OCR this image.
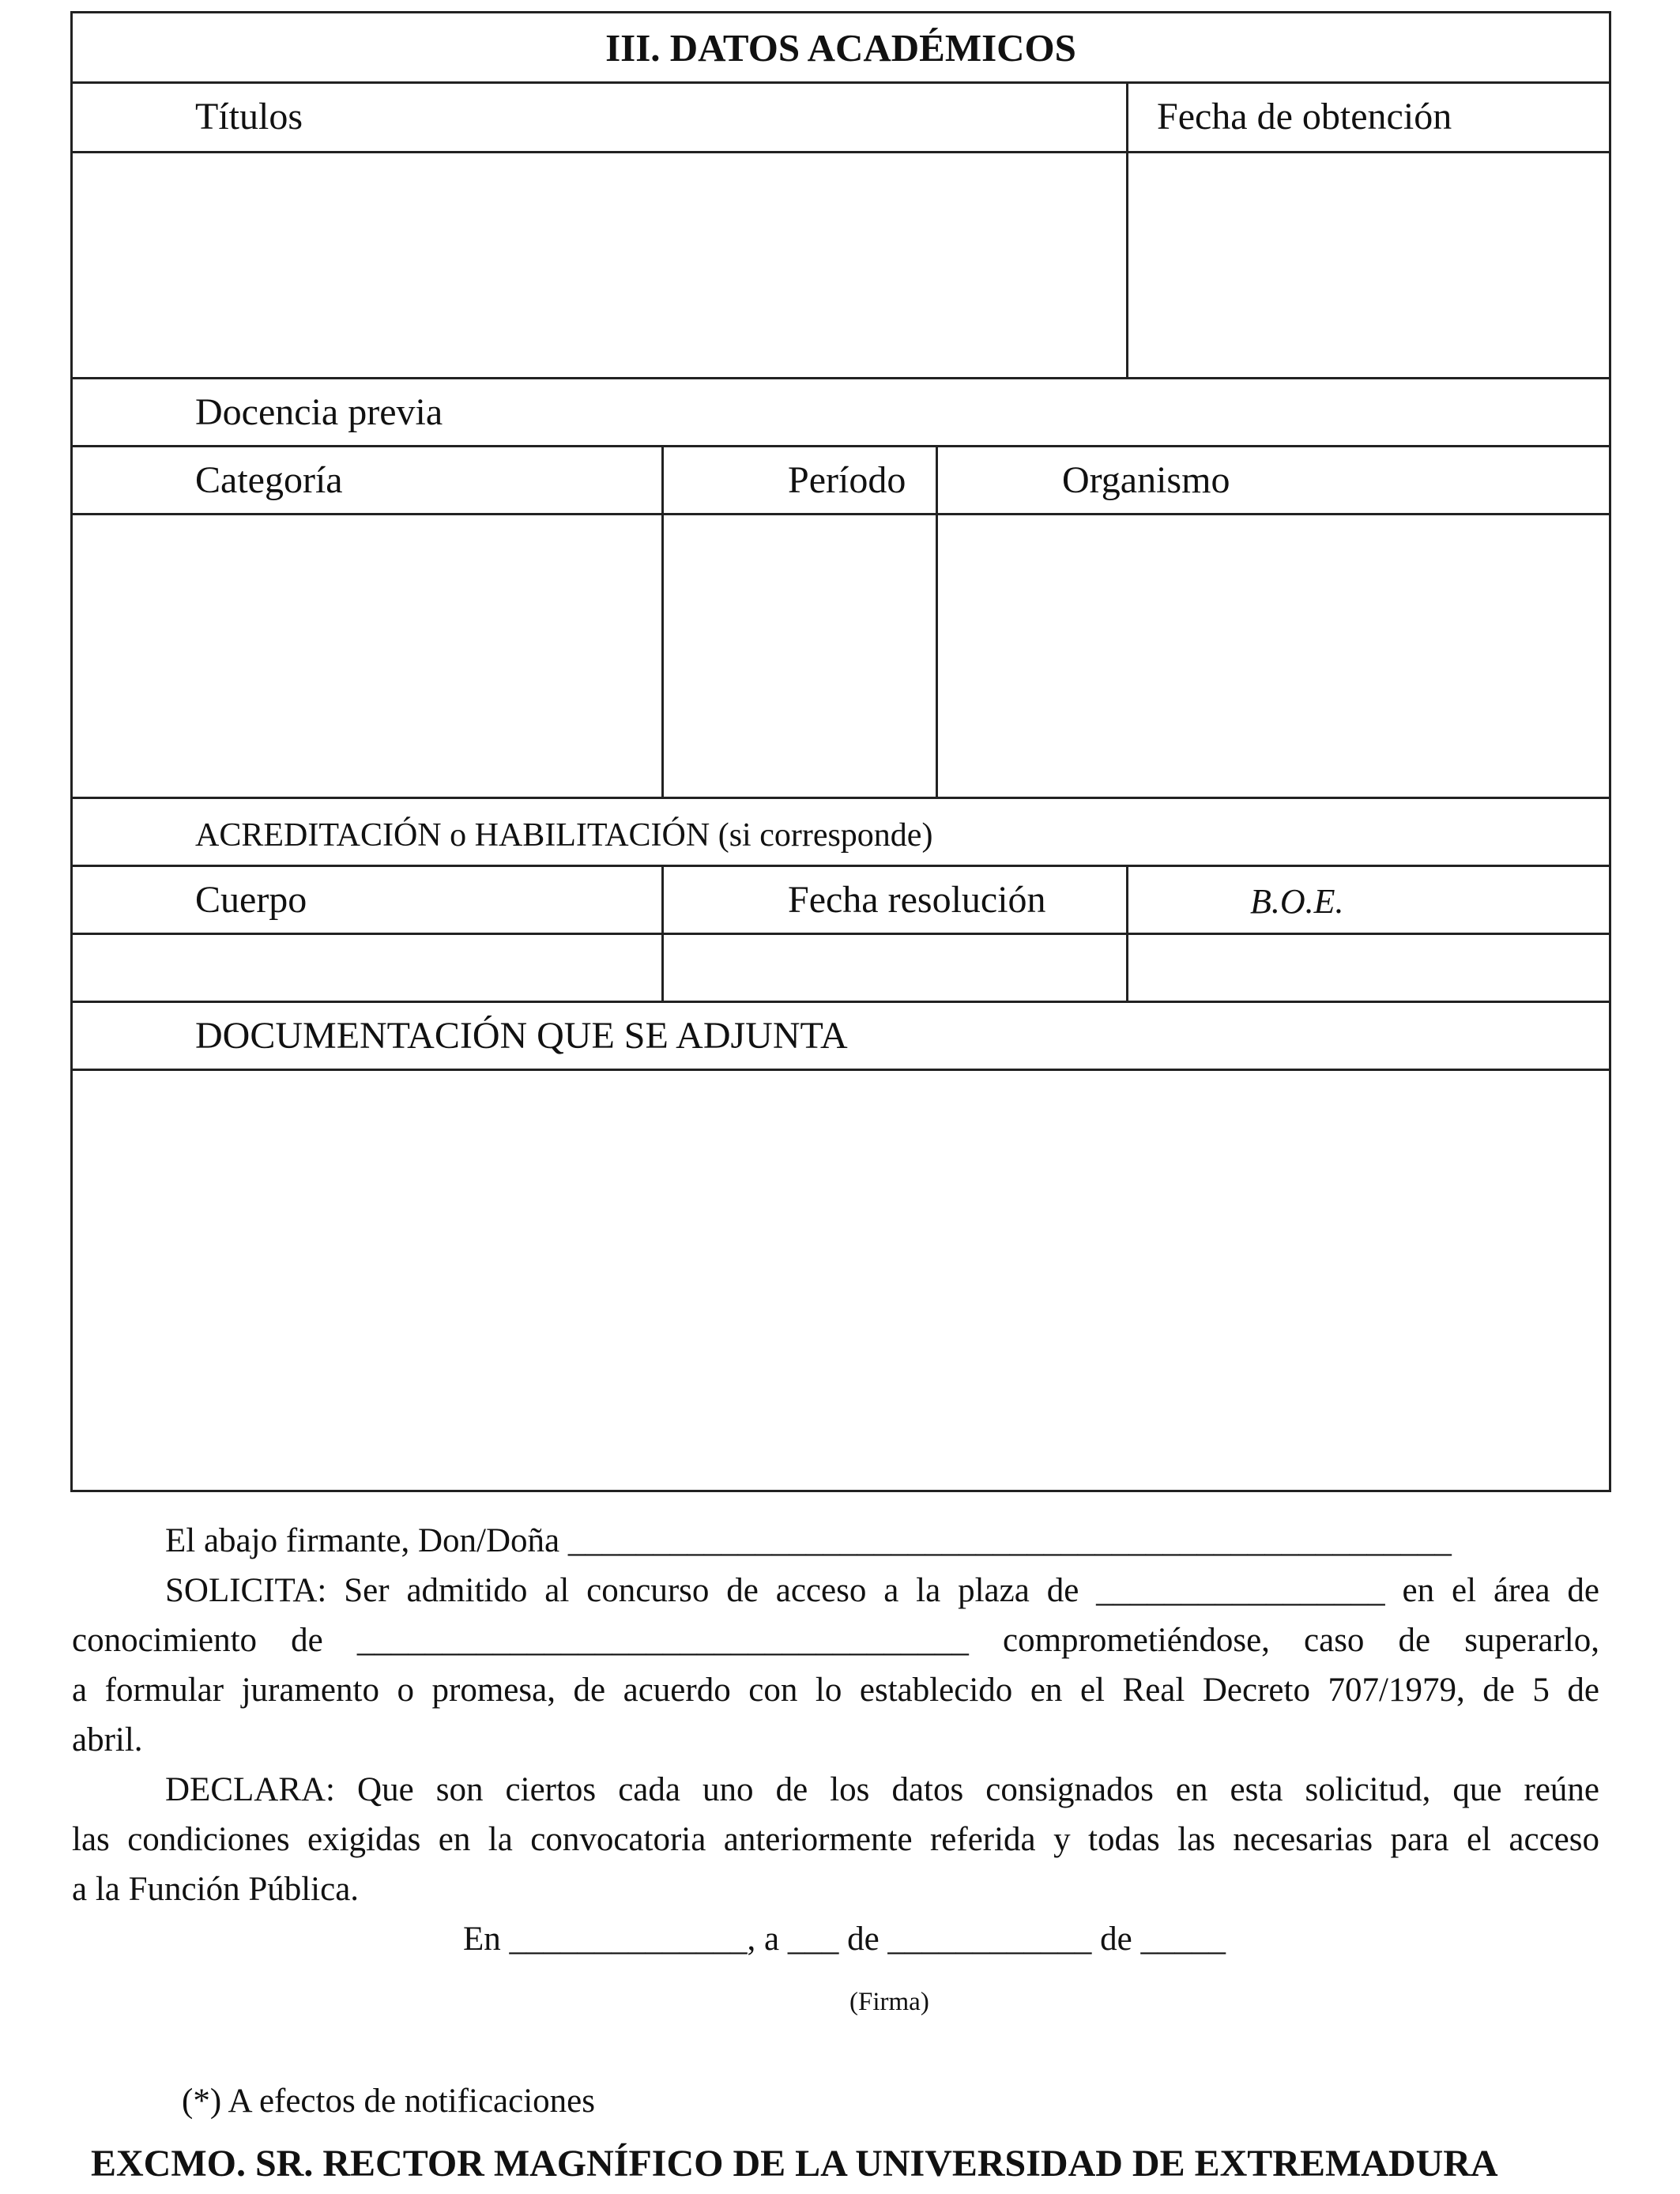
III. DATOS ACADÉMICOS
Títulos	Fecha de obtención
Docencia previa
Categoría	Período	Organismo
ACREDITACIÓN o HABILITACIÓN (si corresponde)
Cuerpo	Fecha resolución	B.O.E.
DOCUMENTACIÓN QUE SE ADJUNTA
El abajo firmante, Don/Doña ____________________________________________________
SOLICITA: Ser admitido al concurso de acceso a la plaza de _________________ en el área de
conocimiento de ____________________________________ comprometiéndose, caso de superarlo,
a formular juramento o promesa, de acuerdo con lo establecido en el Real Decreto 707/1979, de 5 de
abril.
DECLARA: Que son ciertos cada uno de los datos consignados en esta solicitud, que reúne
las condiciones exigidas en la convocatoria anteriormente referida y todas las necesarias para el acceso
a la Función Pública.
En ______________, a ___ de ____________ de _____
(Firma)
(*) A efectos de notificaciones
EXCMO. SR. RECTOR MAGNÍFICO DE LA UNIVERSIDAD DE EXTREMADURA
